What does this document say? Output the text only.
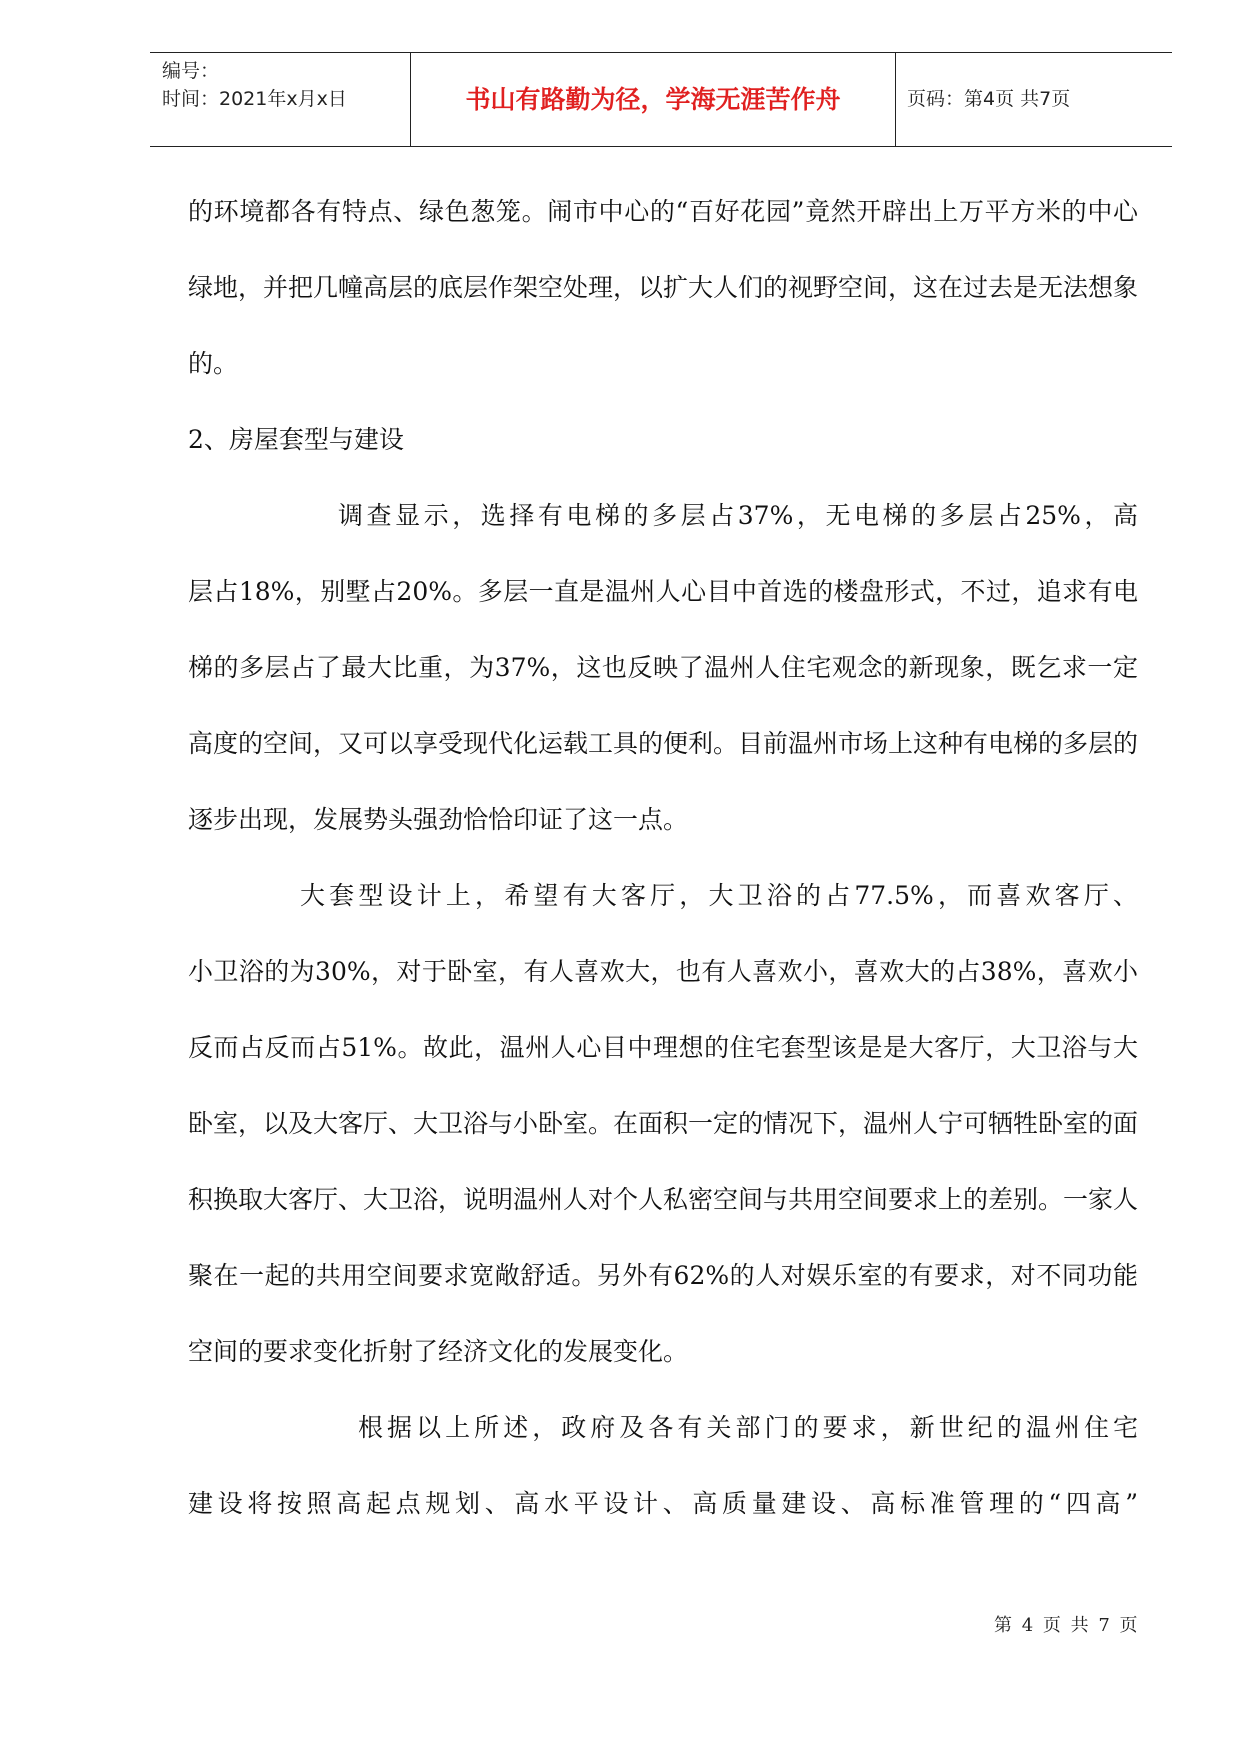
编号：
时间：2021年x月x日	书山有路勤为径，学海无涯苦作舟	页码：第4页 共7页

的环境都各有特点、绿色葱笼。闹市中心的“百好花园”竟然开辟出上万平方米的中心绿地，并把几幢高层的底层作架空处理，以扩大人们的视野空间，这在过去是无法想象的。

2、房屋套型与建设

调查显示，选择有电梯的多层占37%，无电梯的多层占25%，高

层占18%，别墅占20%。多层一直是温州人心目中首选的楼盘形式，不过，追求有电梯的多层占了最大比重，为37%，这也反映了温州人住宅观念的新现象，既乞求一定高度的空间，又可以享受现代化运载工具的便利。目前温州市场上这种有电梯的多层的逐步出现，发展势头强劲恰恰印证了这一点。

大套型设计上，希望有大客厅，大卫浴的占77.5%，而喜欢客厅、

小卫浴的为30%，对于卧室，有人喜欢大，也有人喜欢小，喜欢大的占38%，喜欢小反而占反而占51%。故此，温州人心目中理想的住宅套型该是是大客厅，大卫浴与大卧室，以及大客厅、大卫浴与小卧室。在面积一定的情况下，温州人宁可牺牲卧室的面积换取大客厅、大卫浴，说明温州人对个人私密空间与共用空间要求上的差别。一家人聚在一起的共用空间要求宽敞舒适。另外有62%的人对娱乐室的有要求，对不同功能空间的要求变化折射了经济文化的发展变化。

根据以上所述，政府及各有关部门的要求，新世纪的温州住宅

建设将按照高起点规划、高水平设计、高质量建设、高标准管理的“四高”

第 4 页 共 7 页
